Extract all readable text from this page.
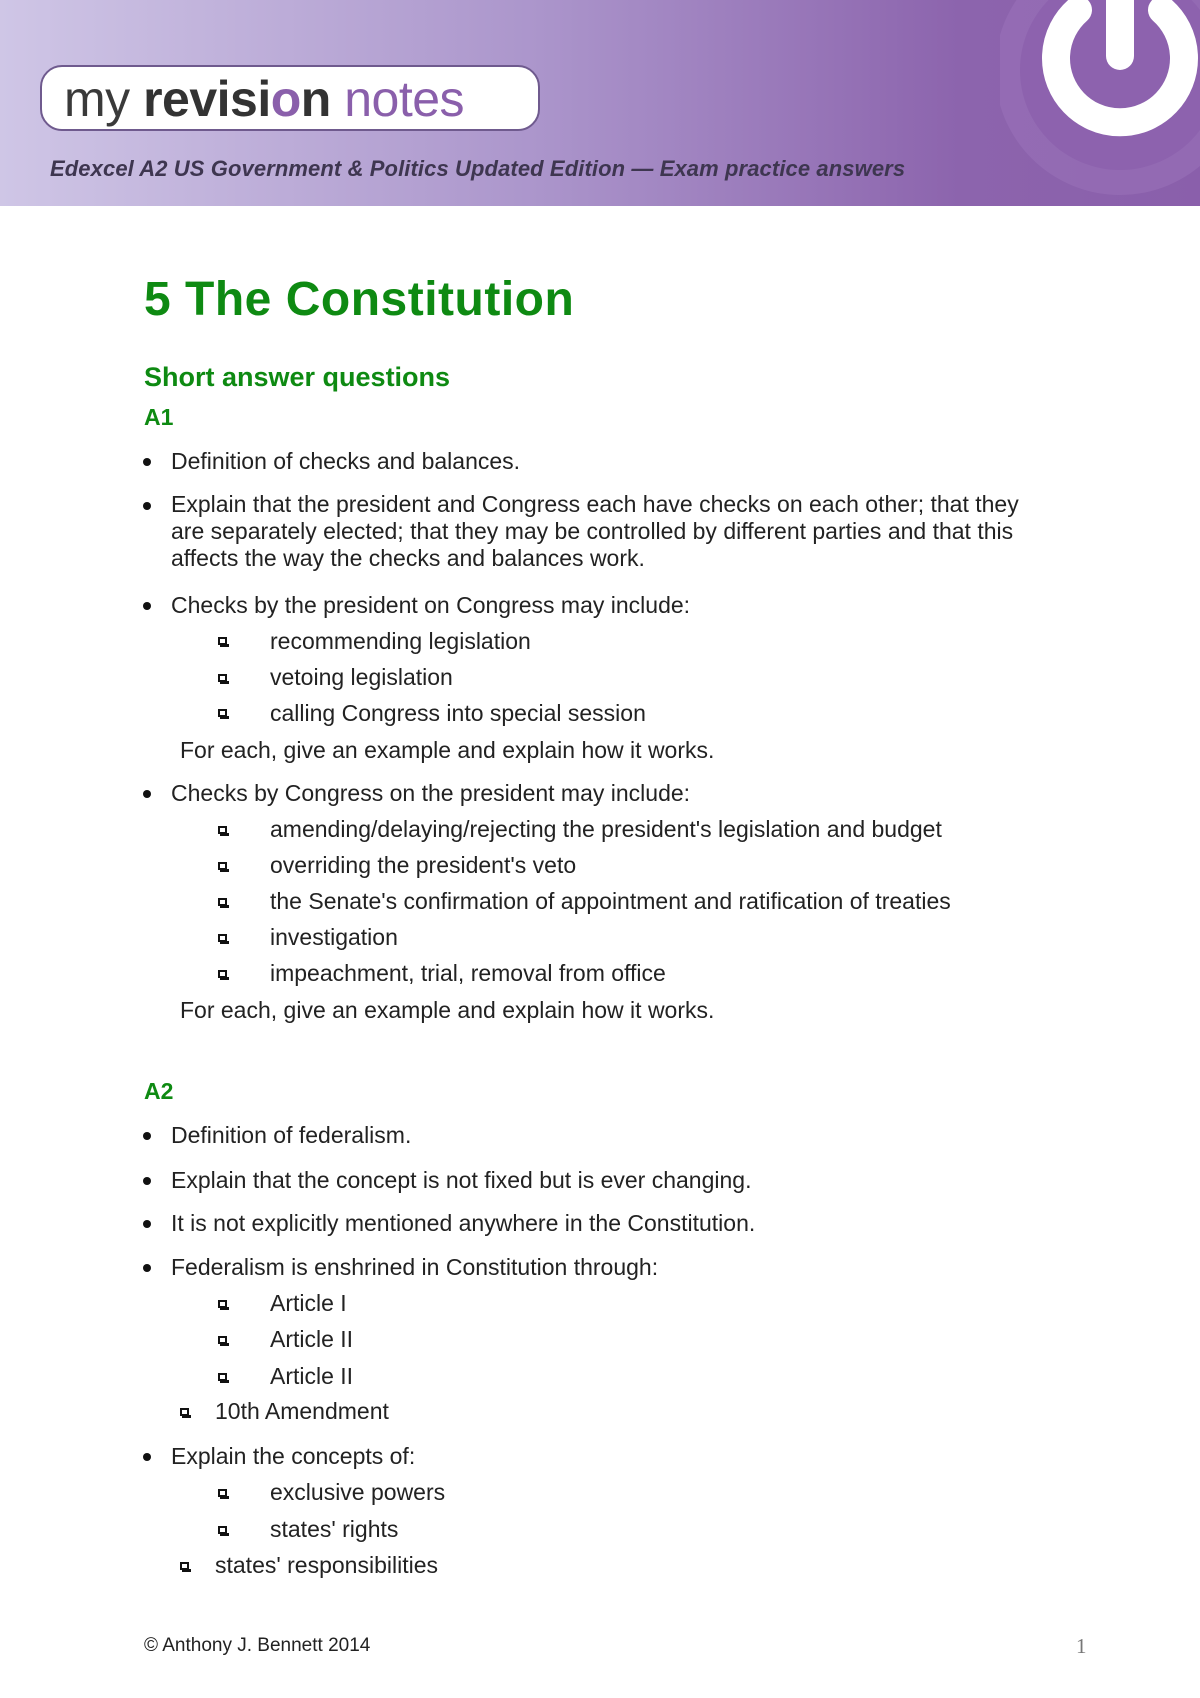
my revision notes
Edexcel A2 US Government & Politics Updated Edition — Exam practice answers
5 The Constitution
Short answer questions
A1
Definition of checks and balances.
Explain that the president and Congress each have checks on each other; that they
are separately elected; that they may be controlled by different parties and that this
affects the way the checks and balances work.
Checks by the president on Congress may include:
recommending legislation
vetoing legislation
calling Congress into special session
For each, give an example and explain how it works.
Checks by Congress on the president may include:
amending/delaying/rejecting the president's legislation and budget
overriding the president's veto
the Senate's confirmation of appointment and ratification of treaties
investigation
impeachment, trial, removal from office
For each, give an example and explain how it works.
A2
Definition of federalism.
Explain that the concept is not fixed but is ever changing.
It is not explicitly mentioned anywhere in the Constitution.
Federalism is enshrined in Constitution through:
Article I
Article II
Article II
10th Amendment
Explain the concepts of:
exclusive powers
states' rights
states' responsibilities
© Anthony J. Bennett 2014	1
